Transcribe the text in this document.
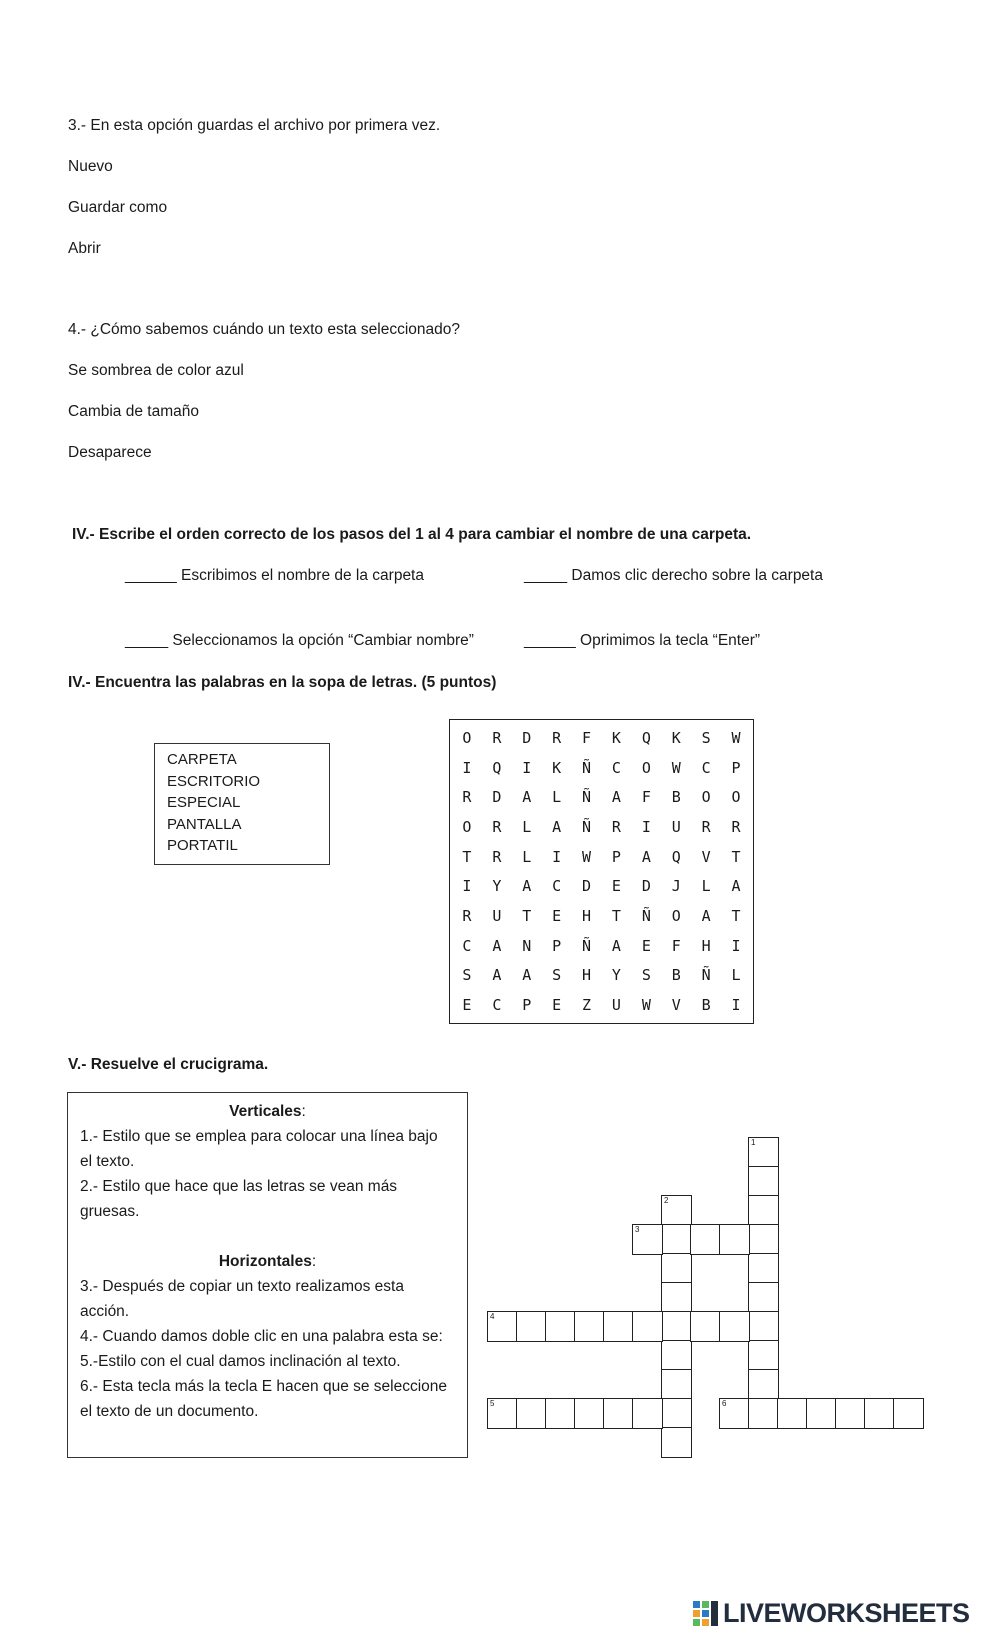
3.- En esta opción guardas el archivo por primera vez.
Nuevo
Guardar como
Abrir
4.- ¿Cómo sabemos cuándo un texto esta seleccionado?
Se sombrea de color azul
Cambia de tamaño
Desaparece
IV.- Escribe el orden correcto de los pasos del 1 al 4 para cambiar el nombre de una carpeta.
______ Escribimos el nombre de la carpeta	_____ Damos clic derecho sobre la carpeta
_____ Seleccionamos la opción “Cambiar nombre”	______ Oprimimos la tecla “Enter”
IV.- Encuentra las palabras en la sopa de letras. (5 puntos)
CARPETA
ESCRITORIO
ESPECIAL
PANTALLA
PORTATIL
O	R	D	R	F	K	Q	K	S	W
I	Q	I	K	Ñ	C	O	W	C	P
R	D	A	L	Ñ	A	F	B	O	O
O	R	L	A	Ñ	R	I	U	R	R
T	R	L	I	W	P	A	Q	V	T
I	Y	A	C	D	E	D	J	L	A
R	U	T	E	H	T	Ñ	O	A	T
C	A	N	P	Ñ	A	E	F	H	I
S	A	A	S	H	Y	S	B	Ñ	L
E	C	P	E	Z	U	W	V	B	I
V.- Resuelve el crucigrama.
Verticales:
1.- Estilo que se emplea para colocar una línea bajo
el texto.
2.- Estilo que hace que las letras se vean más
gruesas.
Horizontales:
3.- Después de copiar un texto realizamos esta
acción.
4.- Cuando damos doble clic en una palabra esta se:
5.-Estilo con el cual damos inclinación al texto.
6.- Esta tecla más la tecla E hacen que se seleccione
el texto de un documento.
1
2
3
4
5	6
LIVEWORKSHEETS
